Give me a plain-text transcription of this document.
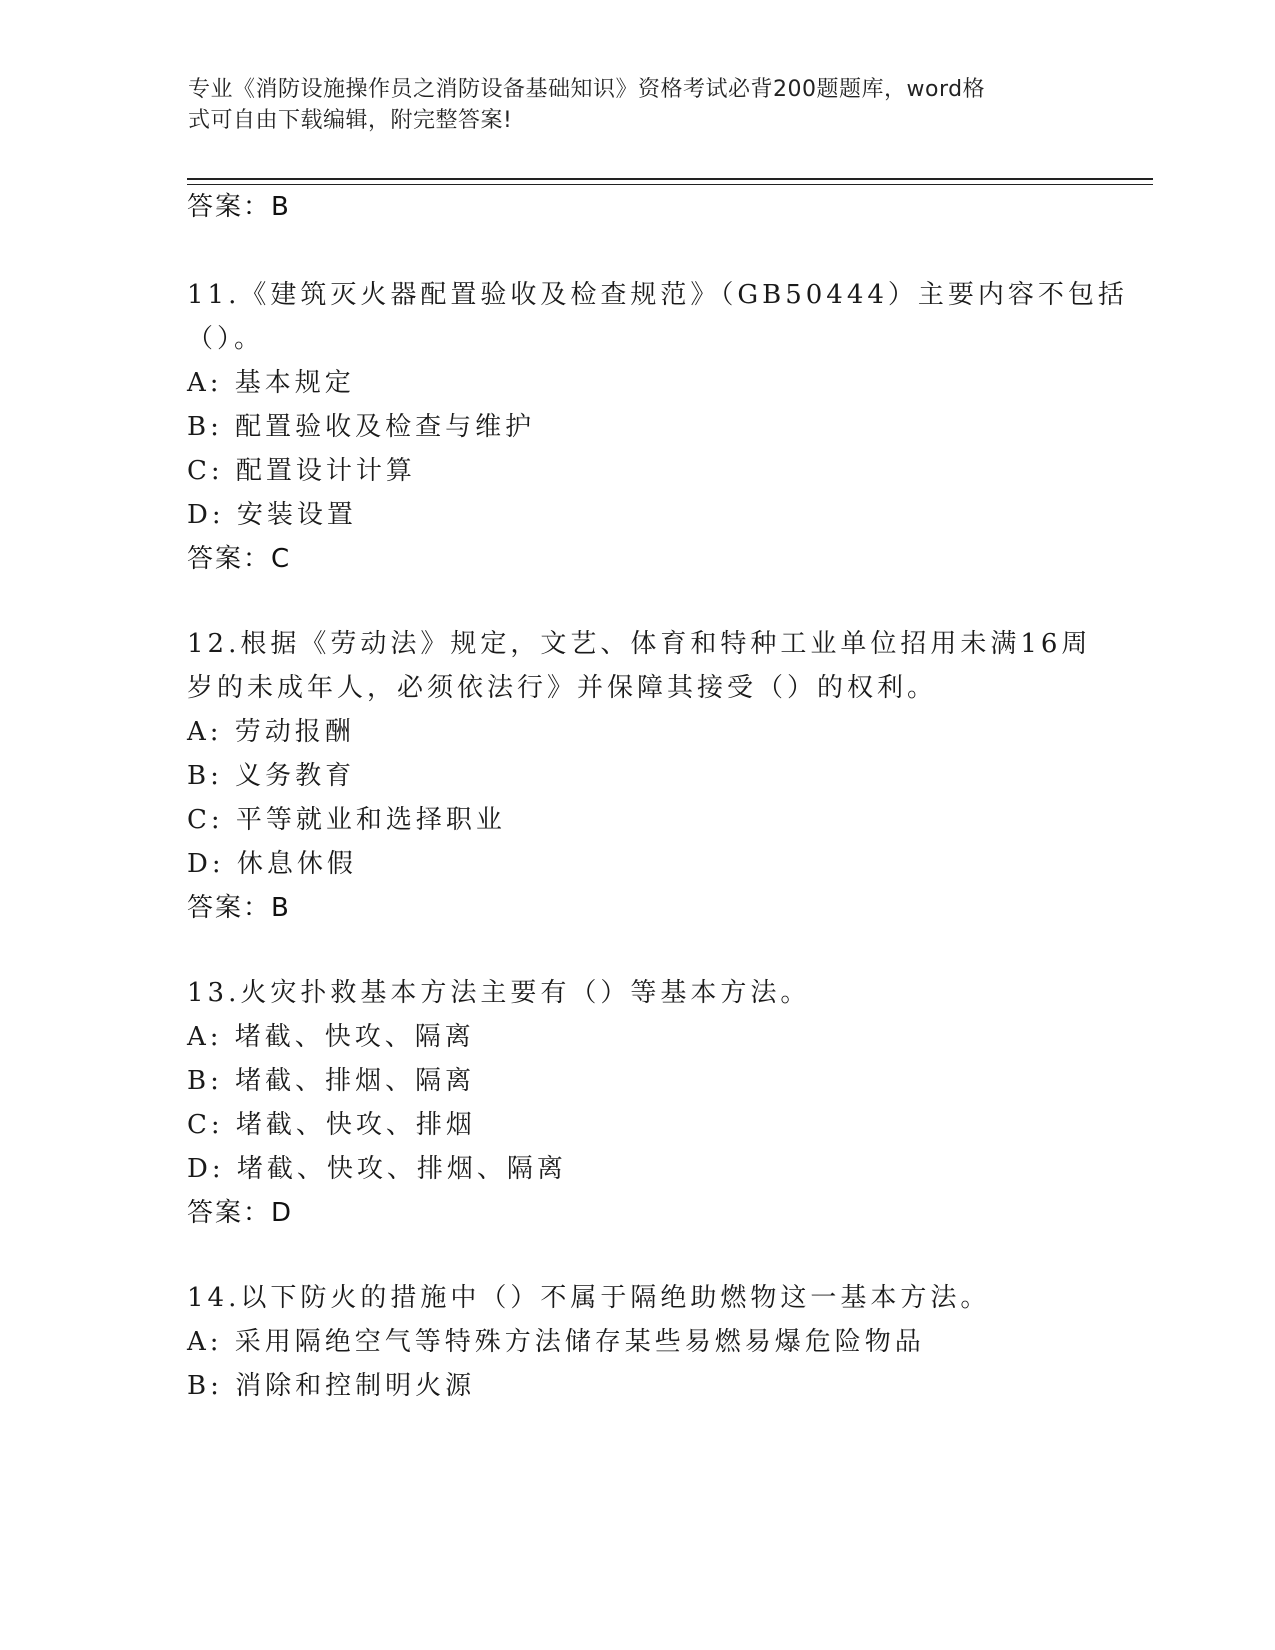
专业《消防设施操作员之消防设备基础知识》资格考试必背200题题库，word格
式可自由下载编辑，附完整答案!
答案：B
11.《建筑灭火器配置验收及检查规范》（GB50444）主要内容不包括
（）。
A: 基本规定
B: 配置验收及检查与维护
C: 配置设计计算
D: 安装设置
答案：C
12.根据《劳动法》规定，文艺、体育和特种工业单位招用未满16周
岁的未成年人，必须依法行》并保障其接受（）的权利。
A: 劳动报酬
B: 义务教育
C: 平等就业和选择职业
D: 休息休假
答案：B
13.火灾扑救基本方法主要有（）等基本方法。
A: 堵截、快攻、隔离
B: 堵截、排烟、隔离
C: 堵截、快攻、排烟
D: 堵截、快攻、排烟、隔离
答案：D
14.以下防火的措施中（）不属于隔绝助燃物这一基本方法。
A: 采用隔绝空气等特殊方法储存某些易燃易爆危险物品
B: 消除和控制明火源
